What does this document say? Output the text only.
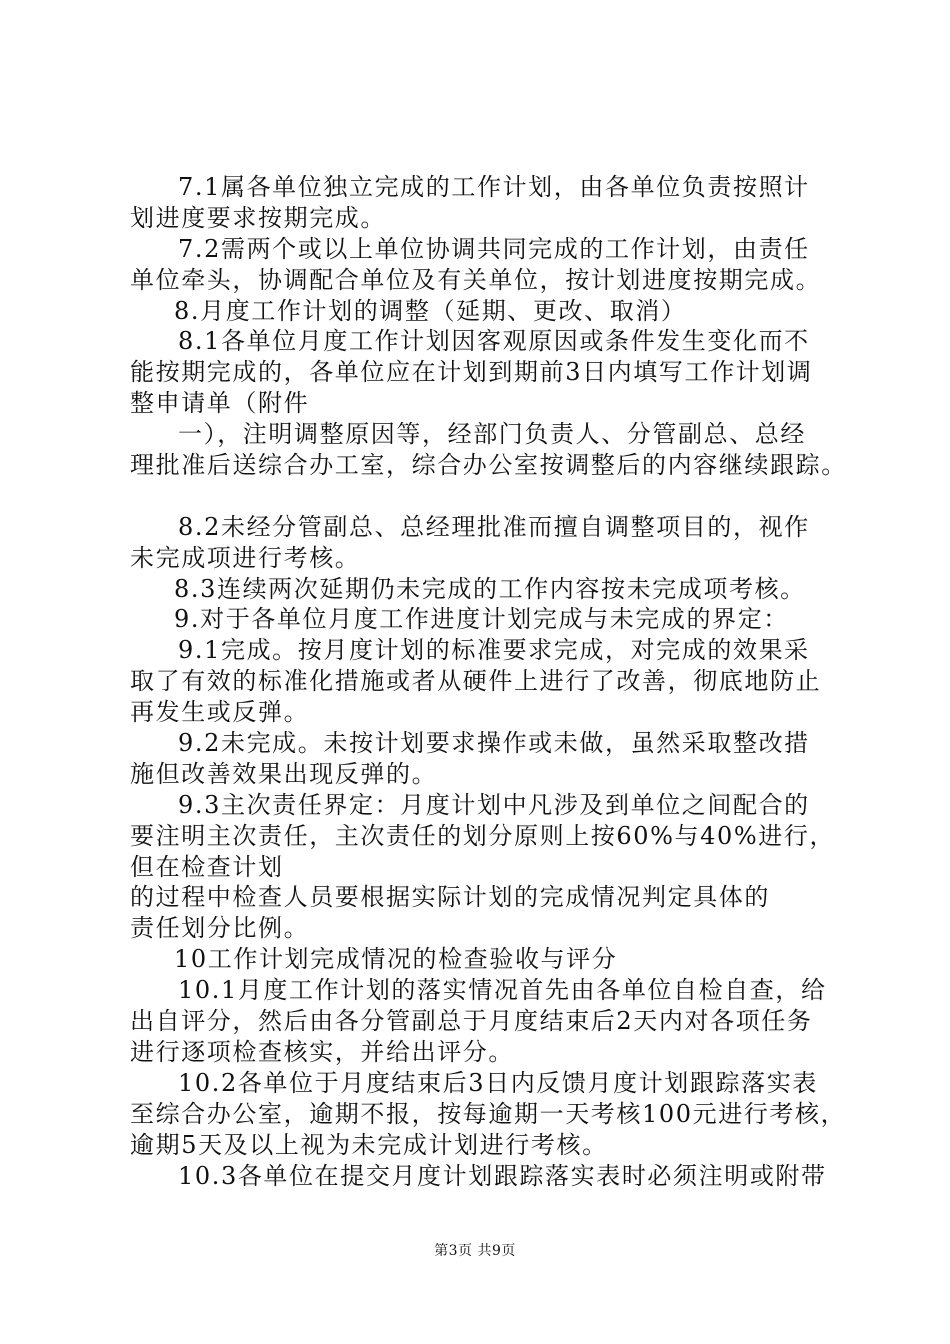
7.1属各单位独立完成的工作计划，由各单位负责按照计
划进度要求按期完成。
7.2需两个或以上单位协调共同完成的工作计划，由责任
单位牵头，协调配合单位及有关单位，按计划进度按期完成。
8.月度工作计划的调整（延期、更改、取消）
8.1各单位月度工作计划因客观原因或条件发生变化而不
能按期完成的，各单位应在计划到期前3日内填写工作计划调
整申请单（附件
一），注明调整原因等，经部门负责人、分管副总、总经
理批准后送综合办工室，综合办公室按调整后的内容继续跟踪。
8.2未经分管副总、总经理批准而擅自调整项目的，视作
未完成项进行考核。
8.3连续两次延期仍未完成的工作内容按未完成项考核。
9.对于各单位月度工作进度计划完成与未完成的界定：
9.1完成。按月度计划的标准要求完成，对完成的效果采
取了有效的标准化措施或者从硬件上进行了改善，彻底地防止
再发生或反弹。
9.2未完成。未按计划要求操作或未做，虽然采取整改措
施但改善效果出现反弹的。
9.3主次责任界定：月度计划中凡涉及到单位之间配合的
要注明主次责任，主次责任的划分原则上按60%与40%进行，
但在检查计划
的过程中检查人员要根据实际计划的完成情况判定具体的
责任划分比例。
10工作计划完成情况的检查验收与评分
10.1月度工作计划的落实情况首先由各单位自检自查，给
出自评分，然后由各分管副总于月度结束后2天内对各项任务
进行逐项检查核实，并给出评分。
10.2各单位于月度结束后3日内反馈月度计划跟踪落实表
至综合办公室，逾期不报，按每逾期一天考核100元进行考核，
逾期5天及以上视为未完成计划进行考核。
10.3各单位在提交月度计划跟踪落实表时必须注明或附带
第3页 共9页
